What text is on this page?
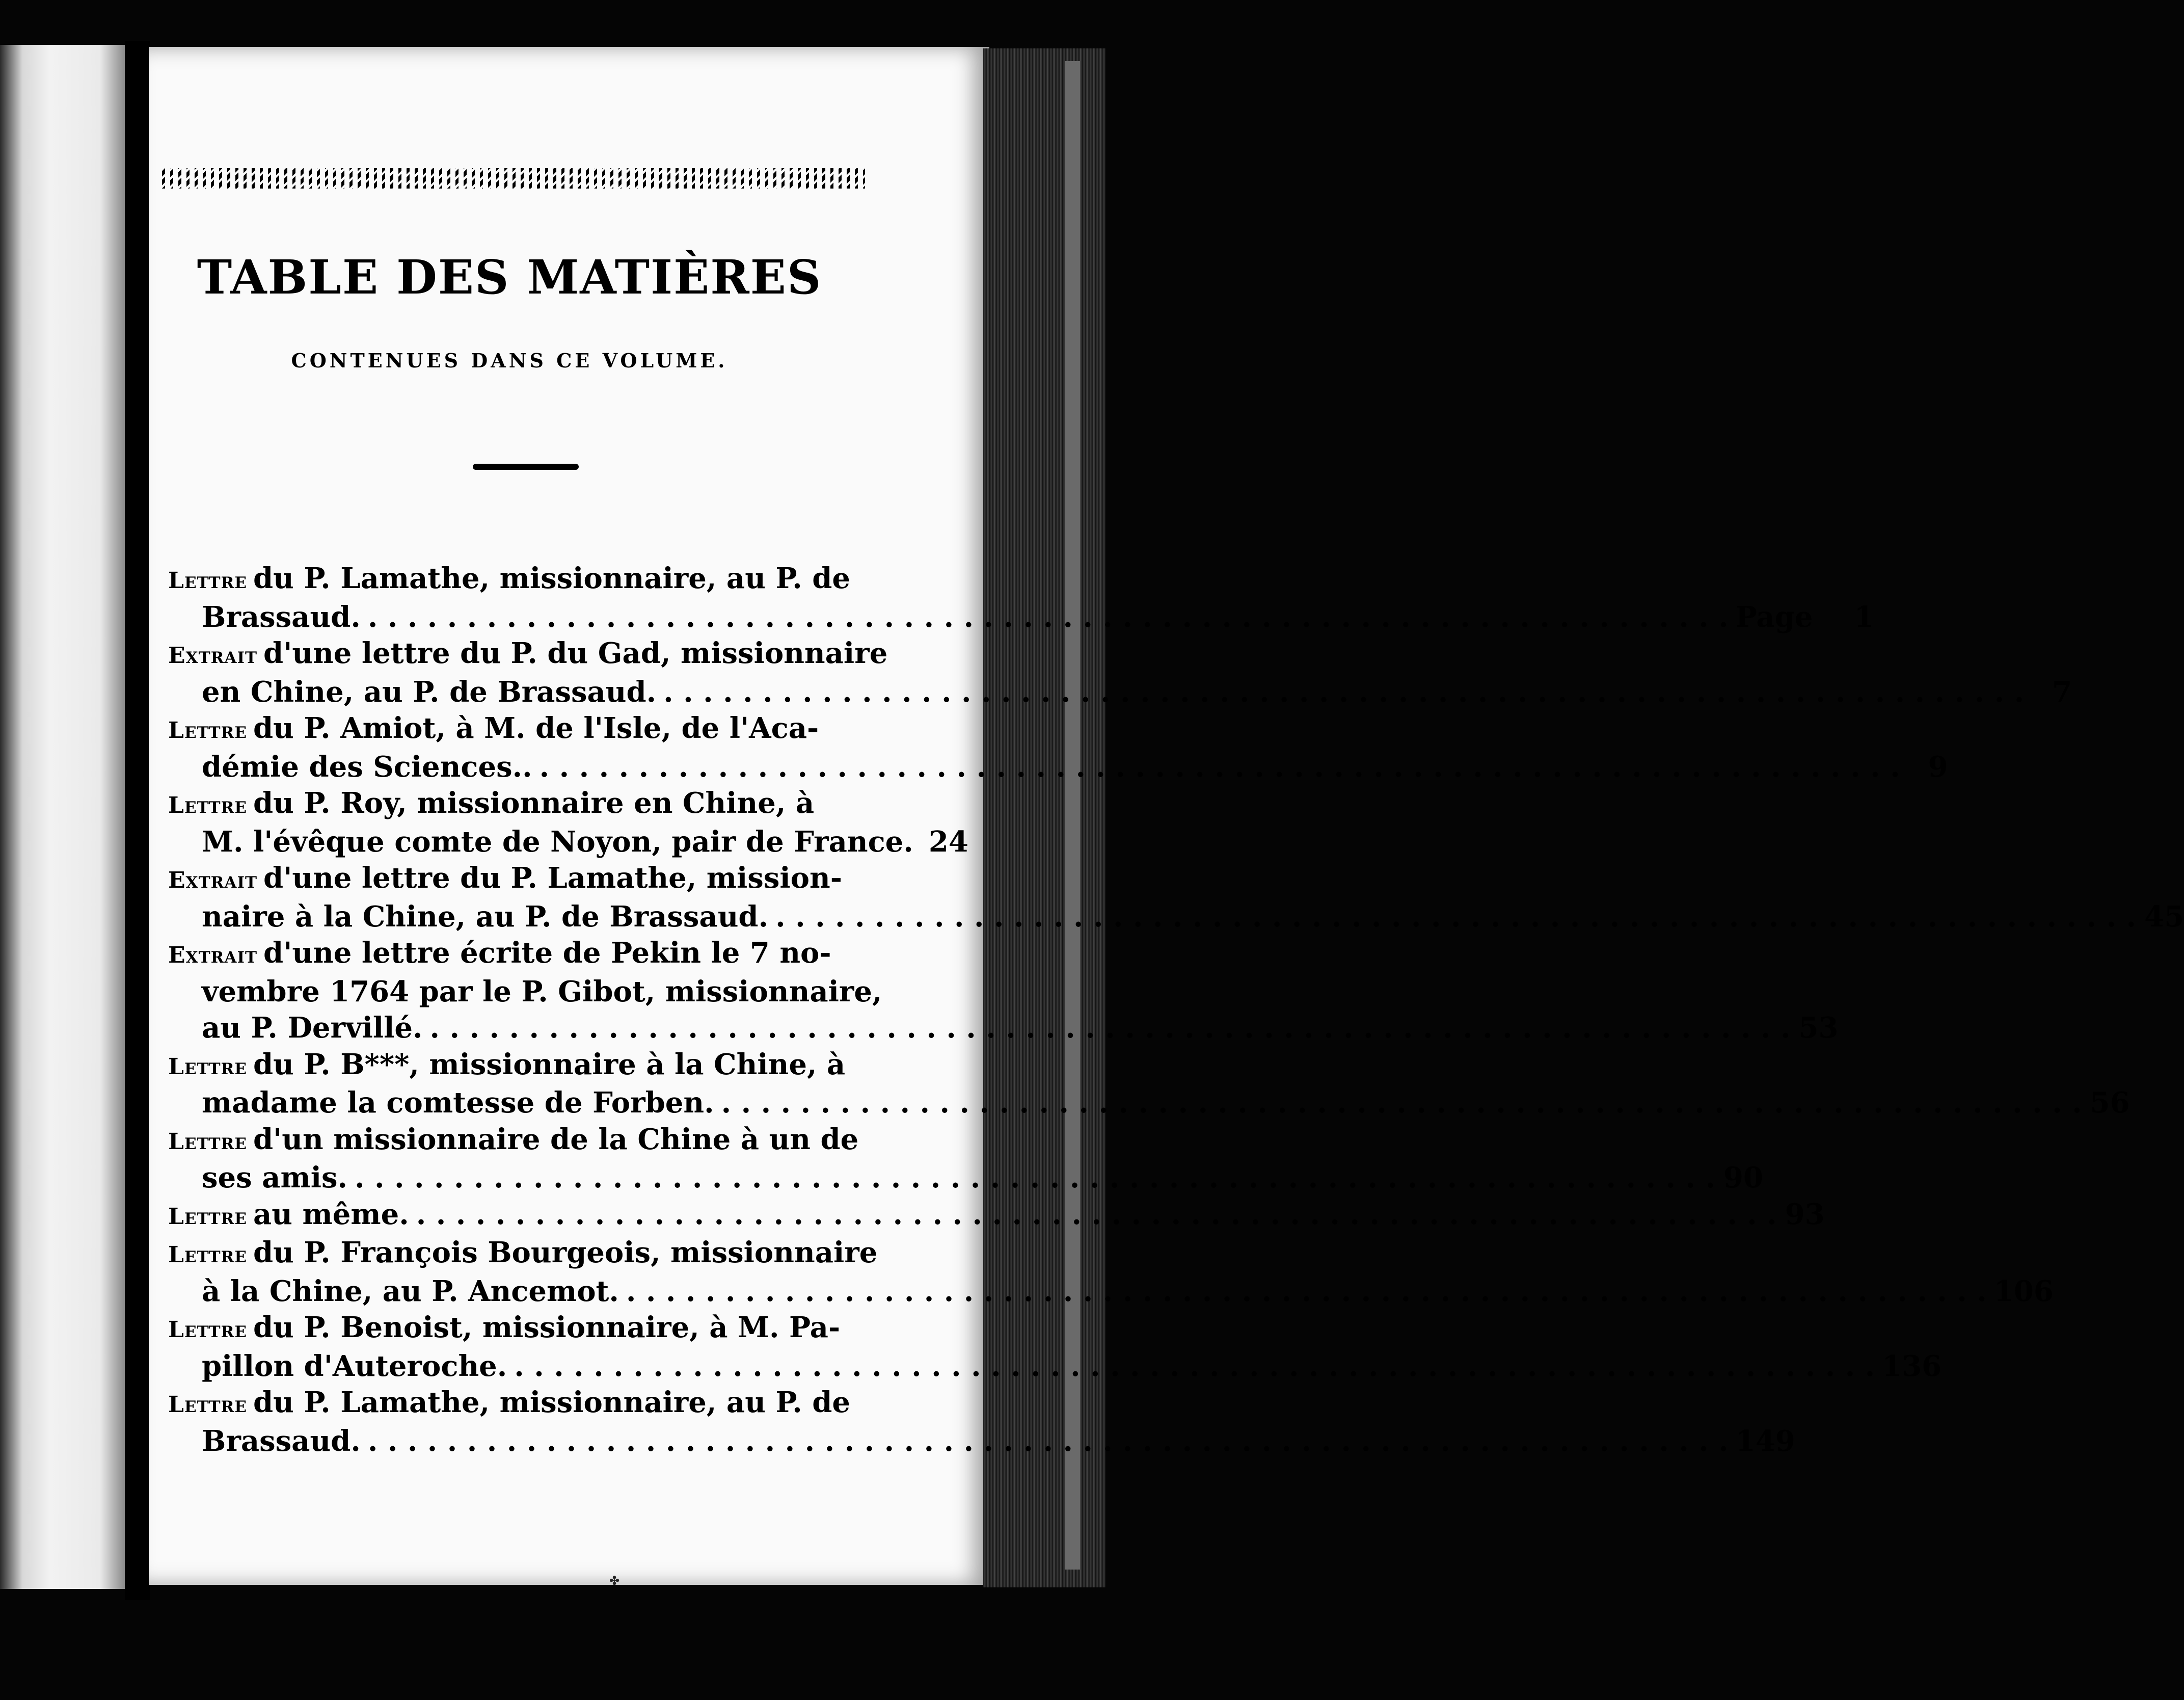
TABLE DES MATIÈRES
CONTENUES DANS CE VOLUME.
Lettre du P. Lamathe, missionnaire, au P. de
Brassaud. . . .	Page	1
Extrait d'une lettre du P. du Gad, missionnaire
en Chine, au P. de Brassaud. . . .	7
Lettre du P. Amiot, à M. de l'Isle, de l'Aca-
démie des Sciences.. . . .	9
Lettre du P. Roy, missionnaire en Chine, à
M. l'évêque comte de Noyon, pair de France. 24
Extrait d'une lettre du P. Lamathe, mission-
naire à la Chine, au P. de Brassaud. . . .	45
Extrait d'une lettre écrite de Pekin le 7 no-
vembre 1764 par le P. Gibot, missionnaire,
au P. Dervillé. . . .	53
Lettre du P. B***, missionnaire à la Chine, à
madame la comtesse de Forben. . . .	56
Lettre d'un missionnaire de la Chine à un de
ses amis. . . .	90
Lettre au même. . . .	93
Lettre du P. François Bourgeois, missionnaire
à la Chine, au P. Ancemot. . . .	106
Lettre du P. Benoist, missionnaire, à M. Pa-
pillon d'Auteroche. . . .	136
Lettre du P. Lamathe, missionnaire, au P. de
Brassaud. . . .	149
✤
